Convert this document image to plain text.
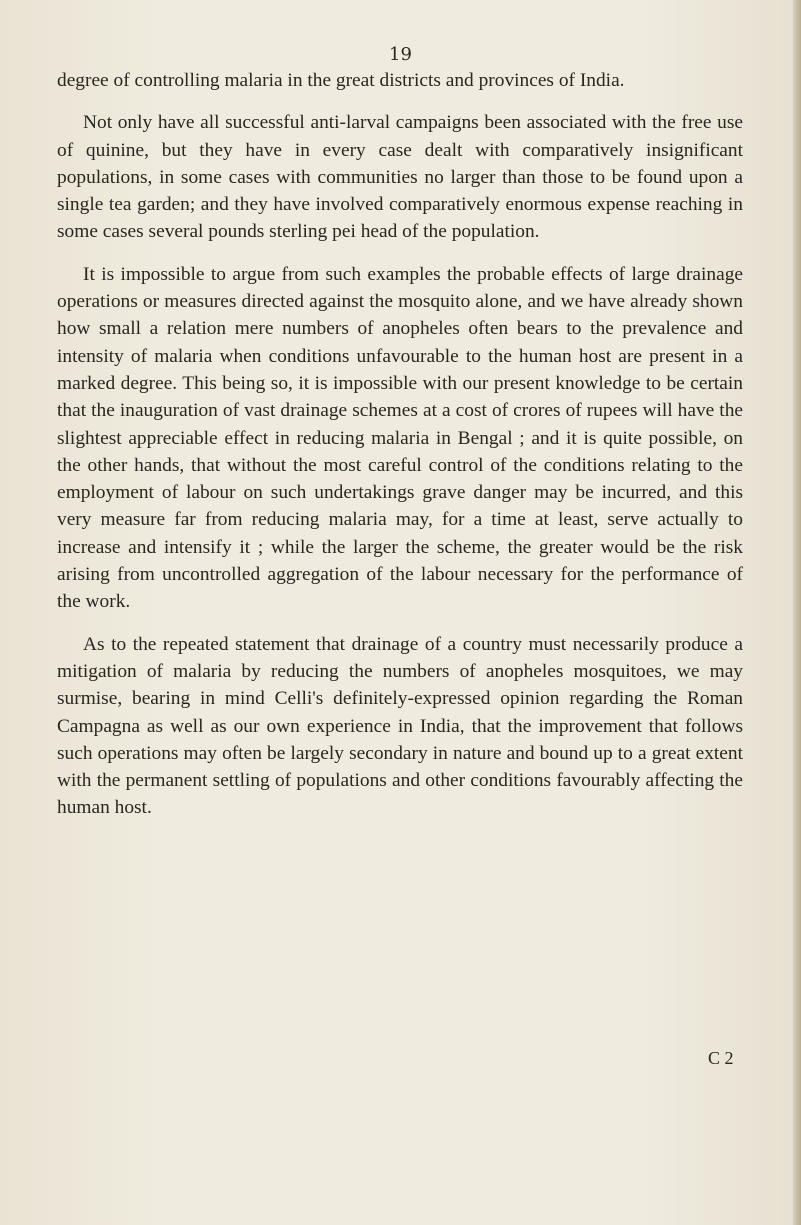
19

degree of controlling malaria in the great districts and provinces of India.

Not only have all successful anti-larval campaigns been associated with the free use of quinine, but they have in every case dealt with comparatively insignificant populations, in some cases with communities no larger than those to be found upon a single tea garden; and they have involved comparatively enormous expense reaching in some cases several pounds sterling pei head of the population.

It is impossible to argue from such examples the probable effects of large drainage operations or measures directed against the mosquito alone, and we have already shown how small a relation mere numbers of anopheles often bears to the prevalence and intensity of malaria when conditions unfavourable to the human host are present in a marked degree. This being so, it is impossible with our present knowledge to be certain that the inauguration of vast drainage schemes at a cost of crores of rupees will have the slightest appreciable effect in reducing malaria in Bengal ; and it is quite possible, on the other hands, that without the most careful control of the conditions relating to the employment of labour on such undertakings grave danger may be incurred, and this very measure far from reducing malaria may, for a time at least, serve actually to increase and intensify it ; while the larger the scheme, the greater would be the risk arising from uncontrolled aggregation of the labour necessary for the performance of the work.

As to the repeated statement that drainage of a country must necessarily produce a mitigation of malaria by reducing the numbers of anopheles mosquitoes, we may surmise, bearing in mind Celli's definitely-expressed opinion regarding the Roman Campagna as well as our own experience in India, that the improvement that follows such operations may often be largely secondary in nature and bound up to a great extent with the permanent settling of populations and other conditions favourably affecting the human host.

C 2
